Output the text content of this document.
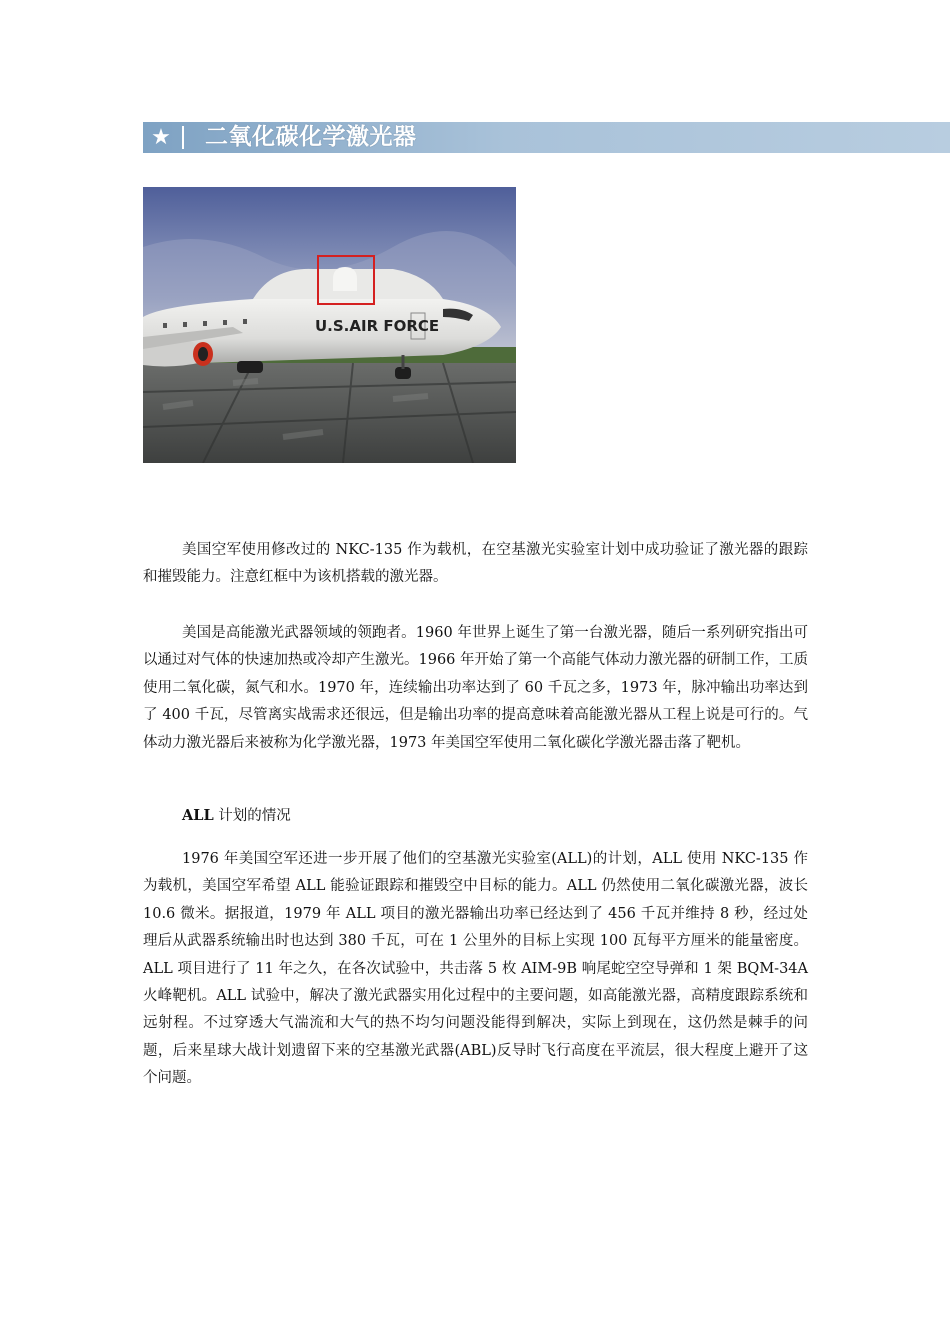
★	二氧化碳化学激光器
U.S.AIR FORCE

美国空军使用修改过的 NKC-135 作为载机，在空基激光实验室计划中成功验证了激光器的跟踪和摧毁能力。注意红框中为该机搭载的激光器。

美国是高能激光武器领域的领跑者。1960 年世界上诞生了第一台激光器，随后一系列研究指出可以通过对气体的快速加热或冷却产生激光。1966 年开始了第一个高能气体动力激光器的研制工作，工质使用二氧化碳，氮气和水。1970 年，连续输出功率达到了 60 千瓦之多，1973 年，脉冲输出功率达到了 400 千瓦，尽管离实战需求还很远，但是输出功率的提高意味着高能激光器从工程上说是可行的。气体动力激光器后来被称为化学激光器，1973 年美国空军使用二氧化碳化学激光器击落了靶机。

ALL 计划的情况

1976 年美国空军还进一步开展了他们的空基激光实验室(ALL)的计划，ALL 使用 NKC-135 作为载机，美国空军希望 ALL 能验证跟踪和摧毁空中目标的能力。ALL 仍然使用二氧化碳激光器，波长 10.6 微米。据报道，1979 年 ALL 项目的激光器输出功率已经达到了 456 千瓦并维持 8 秒，经过处理后从武器系统输出时也达到 380 千瓦，可在 1 公里外的目标上实现 100 瓦每平方厘米的能量密度。ALL 项目进行了 11 年之久，在各次试验中，共击落 5 枚 AIM-9B 响尾蛇空空导弹和 1 架 BQM-34A 火峰靶机。ALL 试验中，解决了激光武器实用化过程中的主要问题，如高能激光器，高精度跟踪系统和远射程。不过穿透大气湍流和大气的热不均匀问题没能得到解决，实际上到现在，这仍然是棘手的问题，后来星球大战计划遗留下来的空基激光武器(ABL)反导时飞行高度在平流层，很大程度上避开了这个问题。
